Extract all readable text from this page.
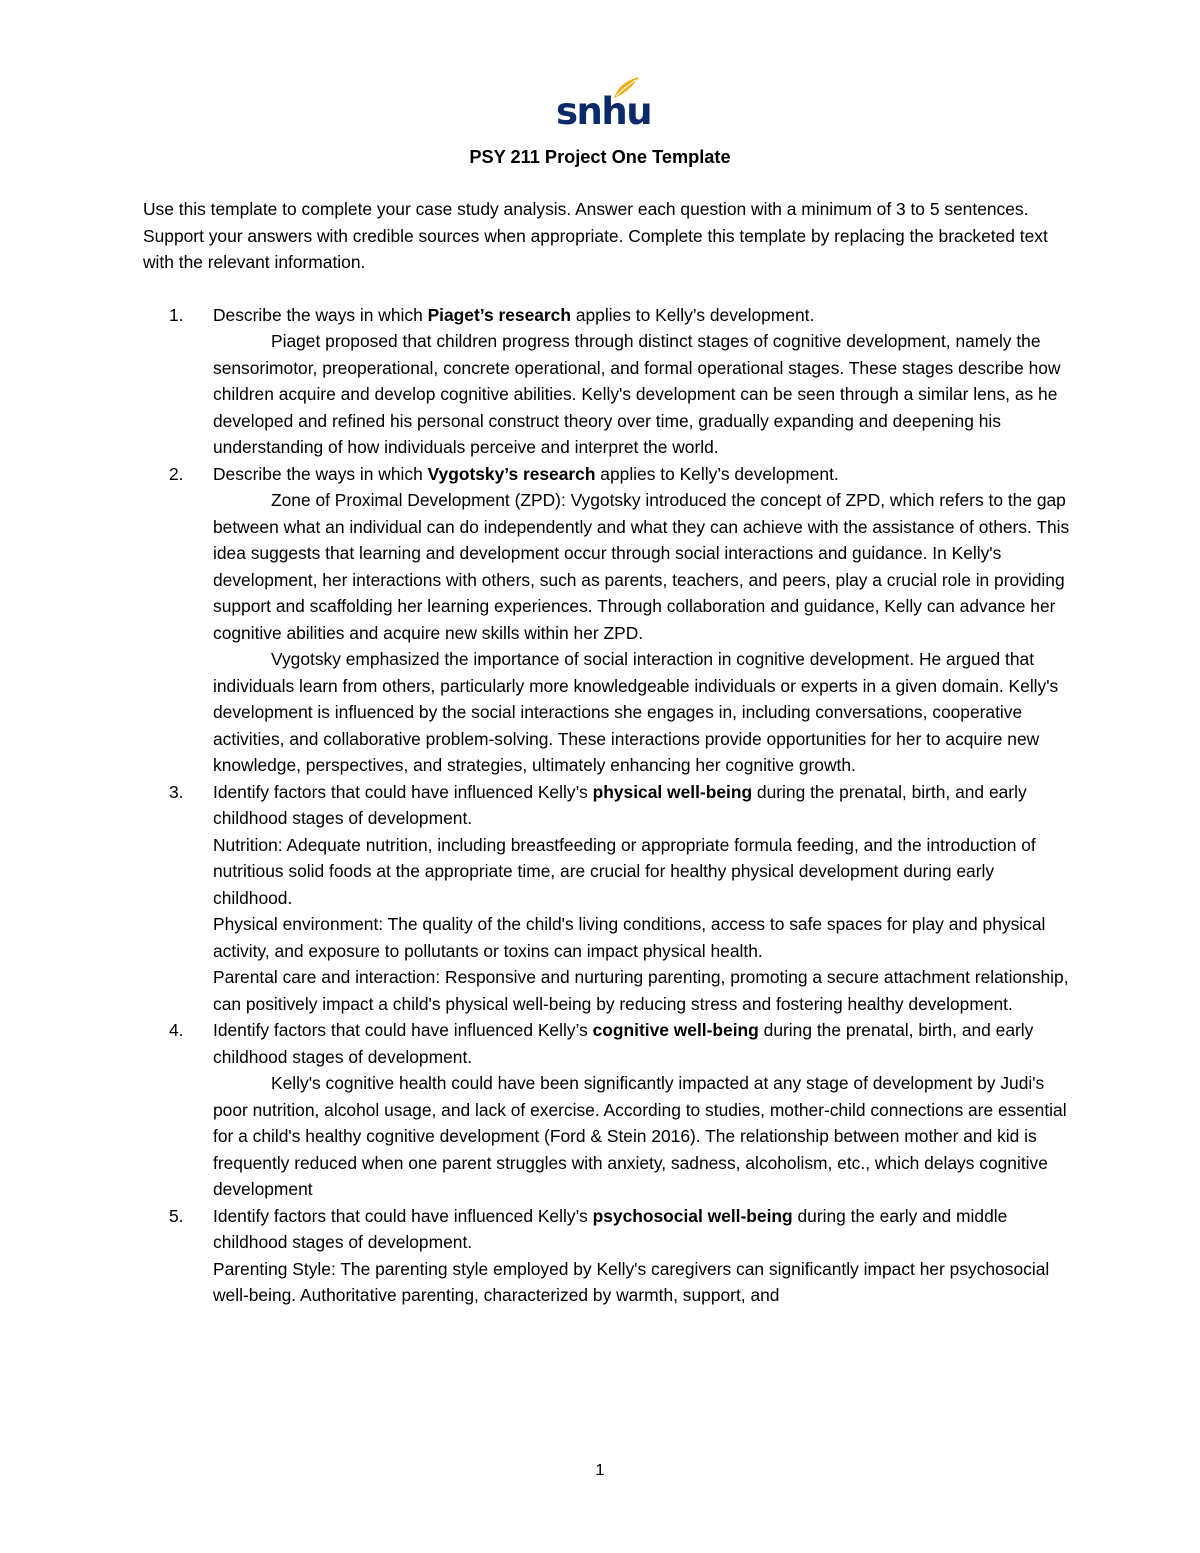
snhu
PSY 211 Project One Template

Use this template to complete your case study analysis. Answer each question with a minimum of 3 to 5 sentences. Support your answers with credible sources when appropriate. Complete this template by replacing the bracketed text with the relevant information.

1. Describe the ways in which Piaget’s research applies to Kelly’s development.

Piaget proposed that children progress through distinct stages of cognitive development, namely the sensorimotor, preoperational, concrete operational, and formal operational stages. These stages describe how children acquire and develop cognitive abilities. Kelly's development can be seen through a similar lens, as he developed and refined his personal construct theory over time, gradually expanding and deepening his understanding of how individuals perceive and interpret the world.

2. Describe the ways in which Vygotsky’s research applies to Kelly’s development.

Zone of Proximal Development (ZPD): Vygotsky introduced the concept of ZPD, which refers to the gap between what an individual can do independently and what they can achieve with the assistance of others. This idea suggests that learning and development occur through social interactions and guidance. In Kelly's development, her interactions with others, such as parents, teachers, and peers, play a crucial role in providing support and scaffolding her learning experiences. Through collaboration and guidance, Kelly can advance her cognitive abilities and acquire new skills within her ZPD.

Vygotsky emphasized the importance of social interaction in cognitive development. He argued that individuals learn from others, particularly more knowledgeable individuals or experts in a given domain. Kelly's development is influenced by the social interactions she engages in, including conversations, cooperative activities, and collaborative problem-solving. These interactions provide opportunities for her to acquire new knowledge, perspectives, and strategies, ultimately enhancing her cognitive growth.

3. Identify factors that could have influenced Kelly’s physical well-being during the prenatal, birth, and early childhood stages of development.

Nutrition: Adequate nutrition, including breastfeeding or appropriate formula feeding, and the introduction of nutritious solid foods at the appropriate time, are crucial for healthy physical development during early childhood.

Physical environment: The quality of the child's living conditions, access to safe spaces for play and physical activity, and exposure to pollutants or toxins can impact physical health.

Parental care and interaction: Responsive and nurturing parenting, promoting a secure attachment relationship, can positively impact a child's physical well-being by reducing stress and fostering healthy development.

4. Identify factors that could have influenced Kelly’s cognitive well-being during the prenatal, birth, and early childhood stages of development.

Kelly's cognitive health could have been significantly impacted at any stage of development by Judi's poor nutrition, alcohol usage, and lack of exercise. According to studies, mother-child connections are essential for a child's healthy cognitive development (Ford & Stein 2016). The relationship between mother and kid is frequently reduced when one parent struggles with anxiety, sadness, alcoholism, etc., which delays cognitive development

5. Identify factors that could have influenced Kelly’s psychosocial well-being during the early and middle childhood stages of development.

Parenting Style: The parenting style employed by Kelly's caregivers can significantly impact her psychosocial well-being. Authoritative parenting, characterized by warmth, support, and

1
